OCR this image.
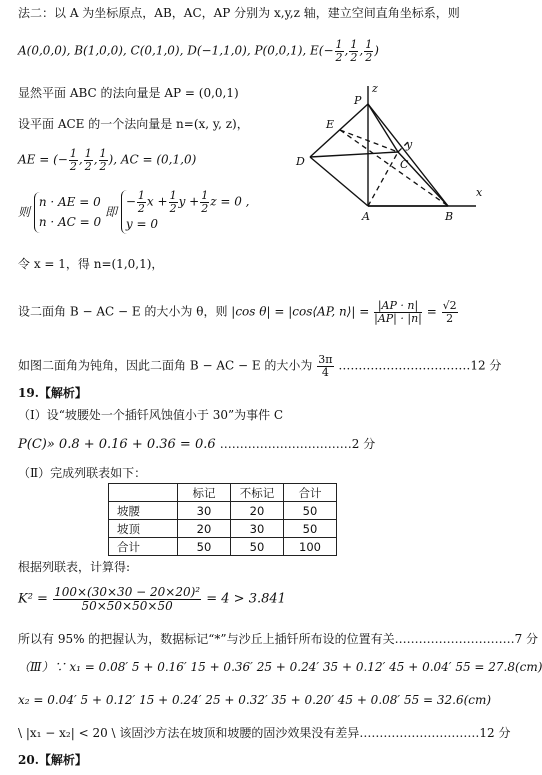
法二：以 A 为坐标原点，AB，AC，AP 分别为 x,y,z 轴，建立空间直角坐标系，则
A(0,0,0), B(1,0,0), C(0,1,0), D(−1,1,0), P(0,0,1), $E(- \frac{1}{2}$ , $\frac{1}{2}$ , $\frac{1}{2}$ )
显然平面 ABC 的法向量是 AP = (0,0,1)
设平面 ACE 的一个法向量是 n=(x, y, z)，
AE = (− $\frac{1}{2}$ , $\frac{1}{2}$ , $\frac{1}{2}$ ), AC = (0,1,0)
则
n · AE = 0
n · AC = 0
即
− $\frac{1}{2}$ $x + \frac{1}{2}$ $y + \frac{1}{2}$ z = 0 ,
y = 0
令 x = 1，得 n=(1,0,1)，
设二面角 B − AC − E 的大小为 θ，则 |cos θ| = |cos⟨AP, n⟩| = $\frac{|AP \cdot n|}{|AP| \cdot |n|} = \frac{√2}{2}$
如图二面角为钝角，因此二面角 B − AC − E 的大小为 $\frac{3\pi}{4}$ ……………………………12 分
19.【解析】
（Ⅰ）设“坡腰处一个插钎风蚀值小于 30”为事件 C
P(C)» 0.8 + 0.16 + 0.36 = 0.6 ……………………………2 分
（Ⅱ）完成列联表如下：
	标记	不标记	合计
坡腰	30	20	50
坡顶	20	30	50
合计	50	50	100
根据列联表，计算得:
$K^2 = \frac{\text{100×(30×30 − 20×20)²}}{50\times 50\times 50\times 50} = 4 > 3.841$
所以有 95% 的把握认为，数据标记“*”与沙丘上插钎所布设的位置有关…………………………7 分
（Ⅲ）∵ x₁ = 0.08′ 5 + 0.16′ 15 + 0.36′ 25 + 0.24′ 35 + 0.12′ 45 + 0.04′ 55 = 27.8(cm)
x₂ = 0.04′ 5 + 0.12′ 15 + 0.24′ 25 + 0.32′ 35 + 0.20′ 45 + 0.08′ 55 = 32.6(cm)
\ |x₁ − x₂| < 20 \ 该固沙方法在坡顶和坡腰的固沙效果没有差异…………………………12 分
20.【解析】
P
z
E
D
y
C
A	B
x
